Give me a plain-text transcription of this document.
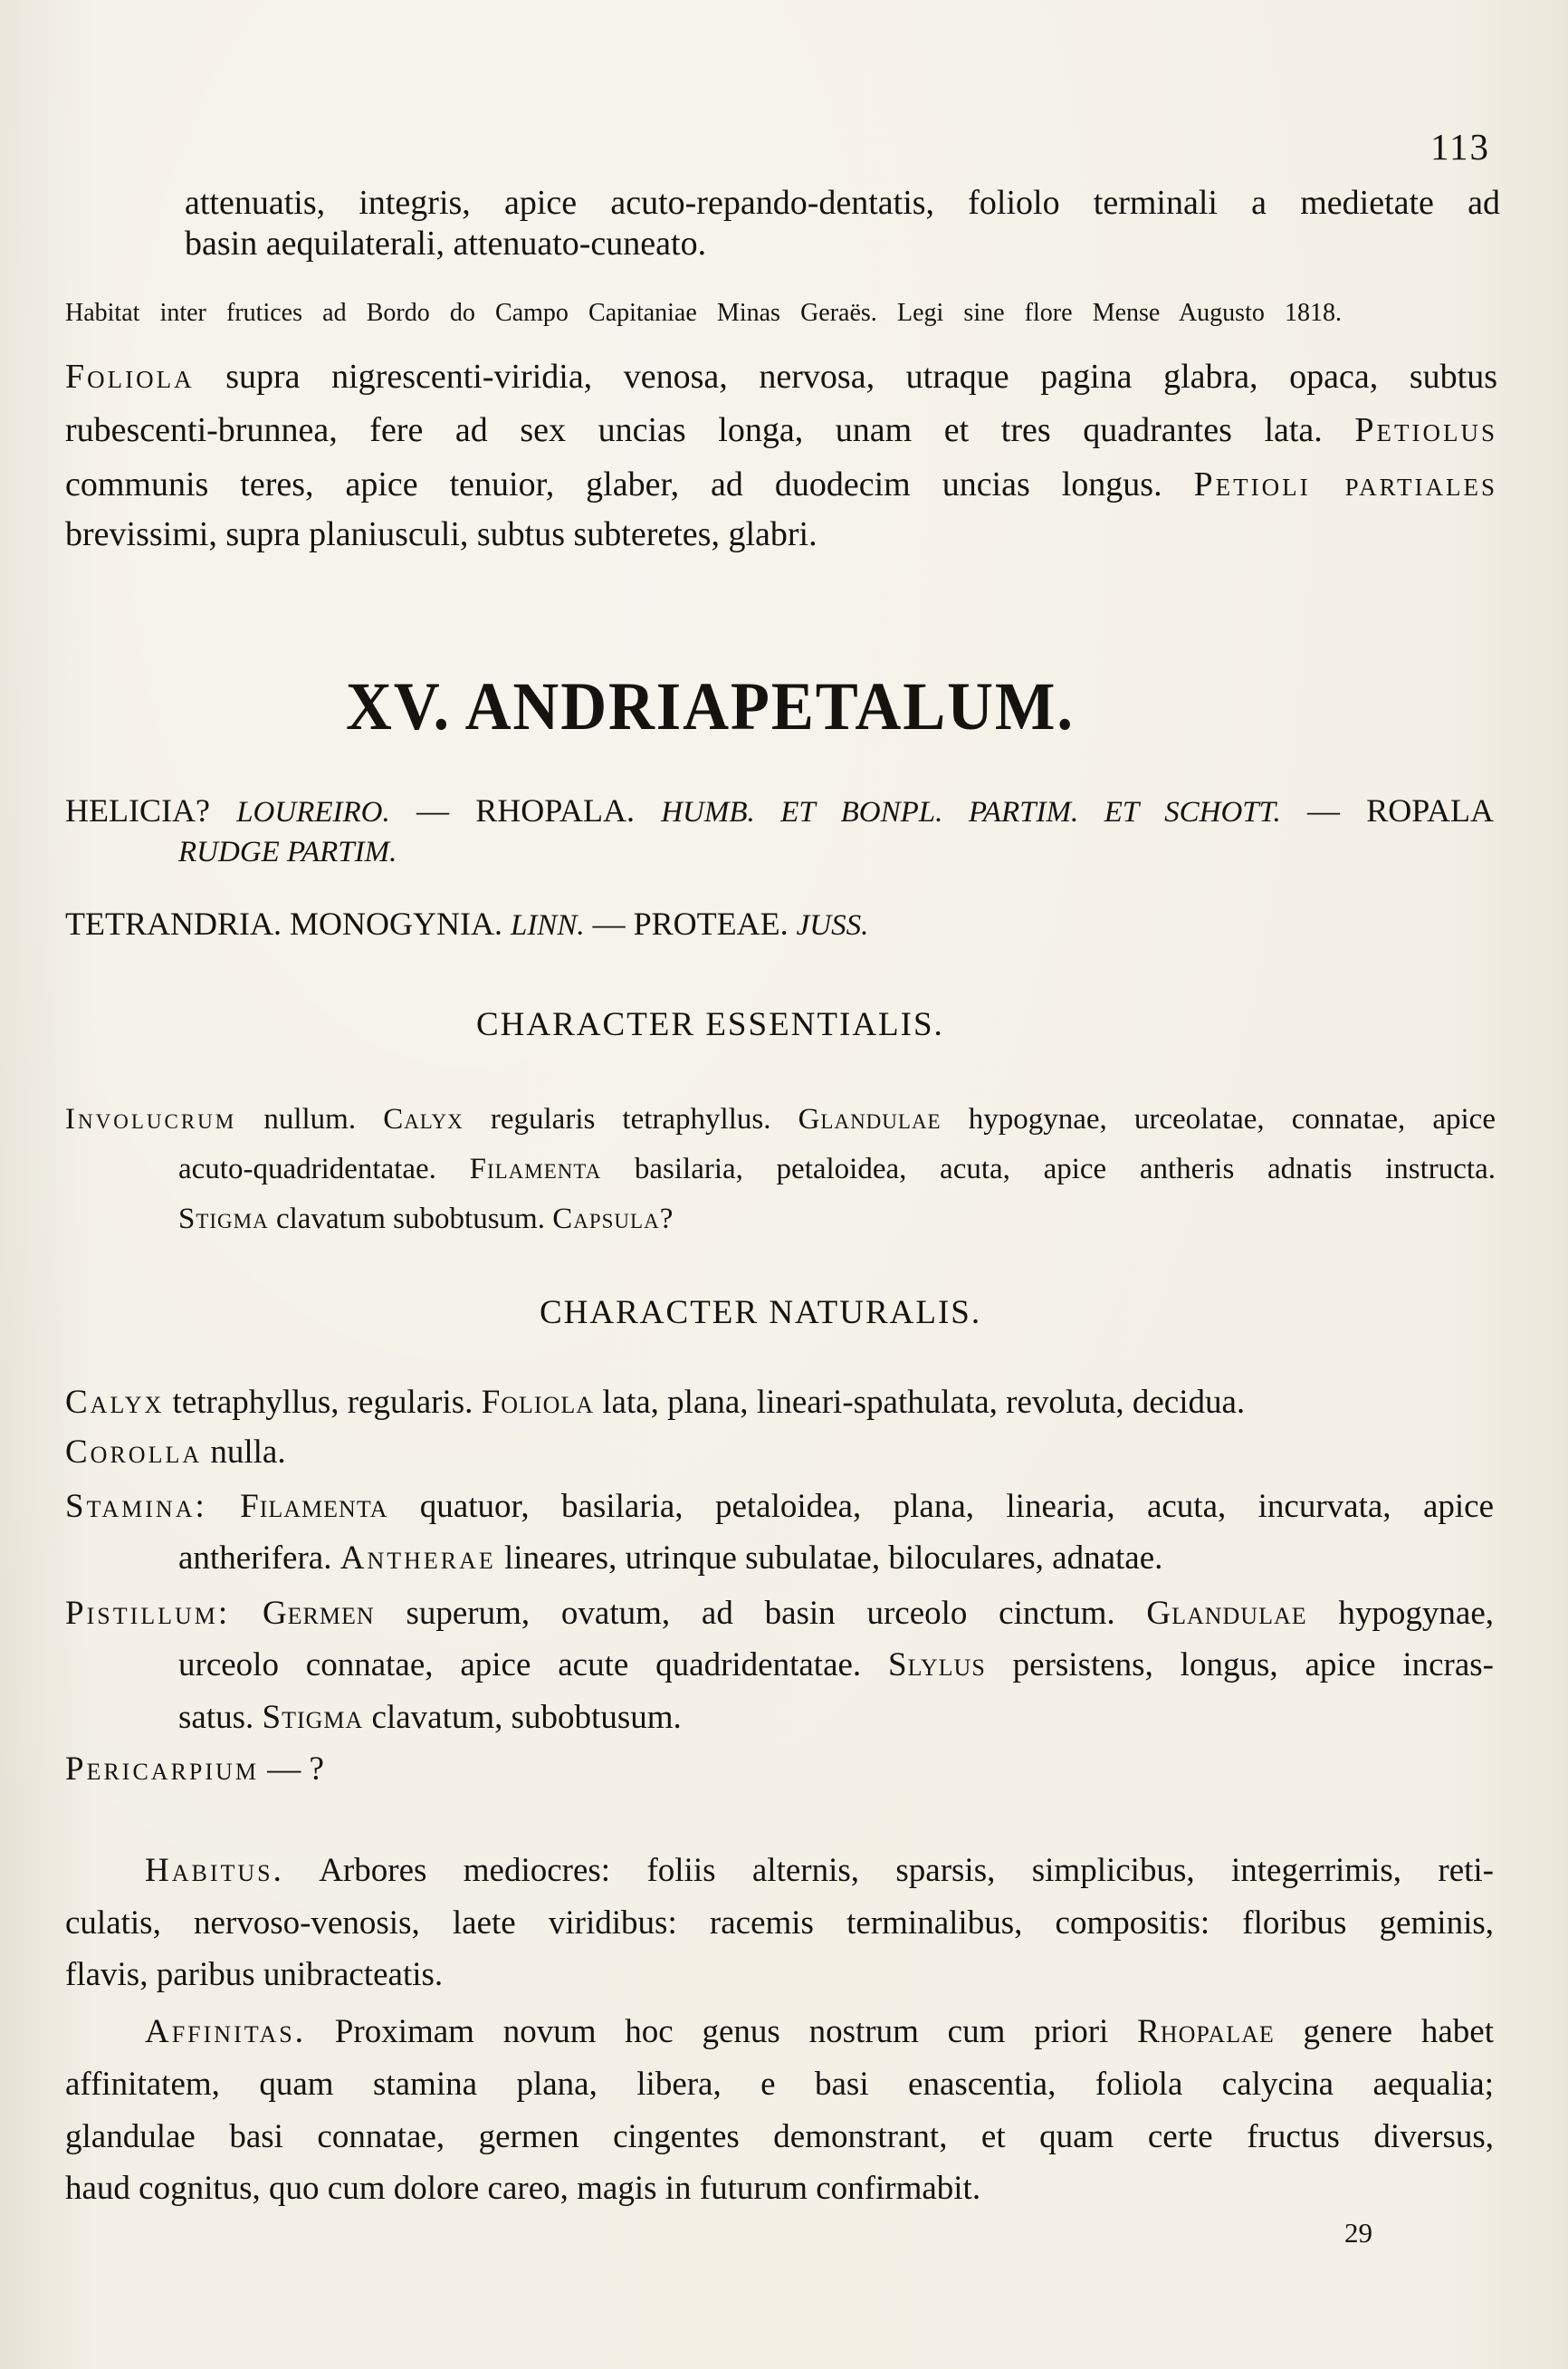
113
attenuatis, integris, apice acuto-repando-dentatis, foliolo terminali a medietate ad
basin aequilaterali, attenuato-cuneato.
Habitat inter frutices ad Bordo do Campo Capitaniae Minas Geraës. Legi sine flore Mense Augusto 1818.
Foliola supra nigrescenti-viridia, venosa, nervosa, utraque pagina glabra, opaca, subtus
rubescenti-brunnea, fere ad sex uncias longa, unam et tres quadrantes lata. Petiolus
communis teres, apice tenuior, glaber, ad duodecim uncias longus. Petioli partiales
brevissimi, supra planiusculi, subtus subteretes, glabri.
XV. ANDRIAPETALUM.
HELICIA? LOUREIRO. — RHOPALA. HUMB. ET BONPL. PARTIM. ET SCHOTT. — ROPALA
RUDGE PARTIM.
TETRANDRIA. MONOGYNIA. LINN. — PROTEAE. JUSS.
CHARACTER ESSENTIALIS.
Involucrum nullum. Calyx regularis tetraphyllus. Glandulae hypogynae, urceolatae, connatae, apice
acuto-quadridentatae. Filamenta basilaria, petaloidea, acuta, apice antheris adnatis instructa.
Stigma clavatum subobtusum. Capsula?
CHARACTER NATURALIS.
Calyx tetraphyllus, regularis. Foliola lata, plana, lineari-spathulata, revoluta, decidua.
Corolla nulla.
Stamina: Filamenta quatuor, basilaria, petaloidea, plana, linearia, acuta, incurvata, apice
antherifera. Antherae lineares, utrinque subulatae, biloculares, adnatae.
Pistillum: Germen superum, ovatum, ad basin urceolo cinctum. Glandulae hypogynae,
urceolo connatae, apice acute quadridentatae. Slylus persistens, longus, apice incras-
satus. Stigma clavatum, subobtusum.
Pericarpium — ?
Habitus. Arbores mediocres: foliis alternis, sparsis, simplicibus, integerrimis, reti-
culatis, nervoso-venosis, laete viridibus: racemis terminalibus, compositis: floribus geminis,
flavis, paribus unibracteatis.
Affinitas. Proximam novum hoc genus nostrum cum priori Rhopalae genere habet
affinitatem, quam stamina plana, libera, e basi enascentia, foliola calycina aequalia;
glandulae basi connatae, germen cingentes demonstrant, et quam certe fructus diversus,
haud cognitus, quo cum dolore careo, magis in futurum confirmabit.
29
